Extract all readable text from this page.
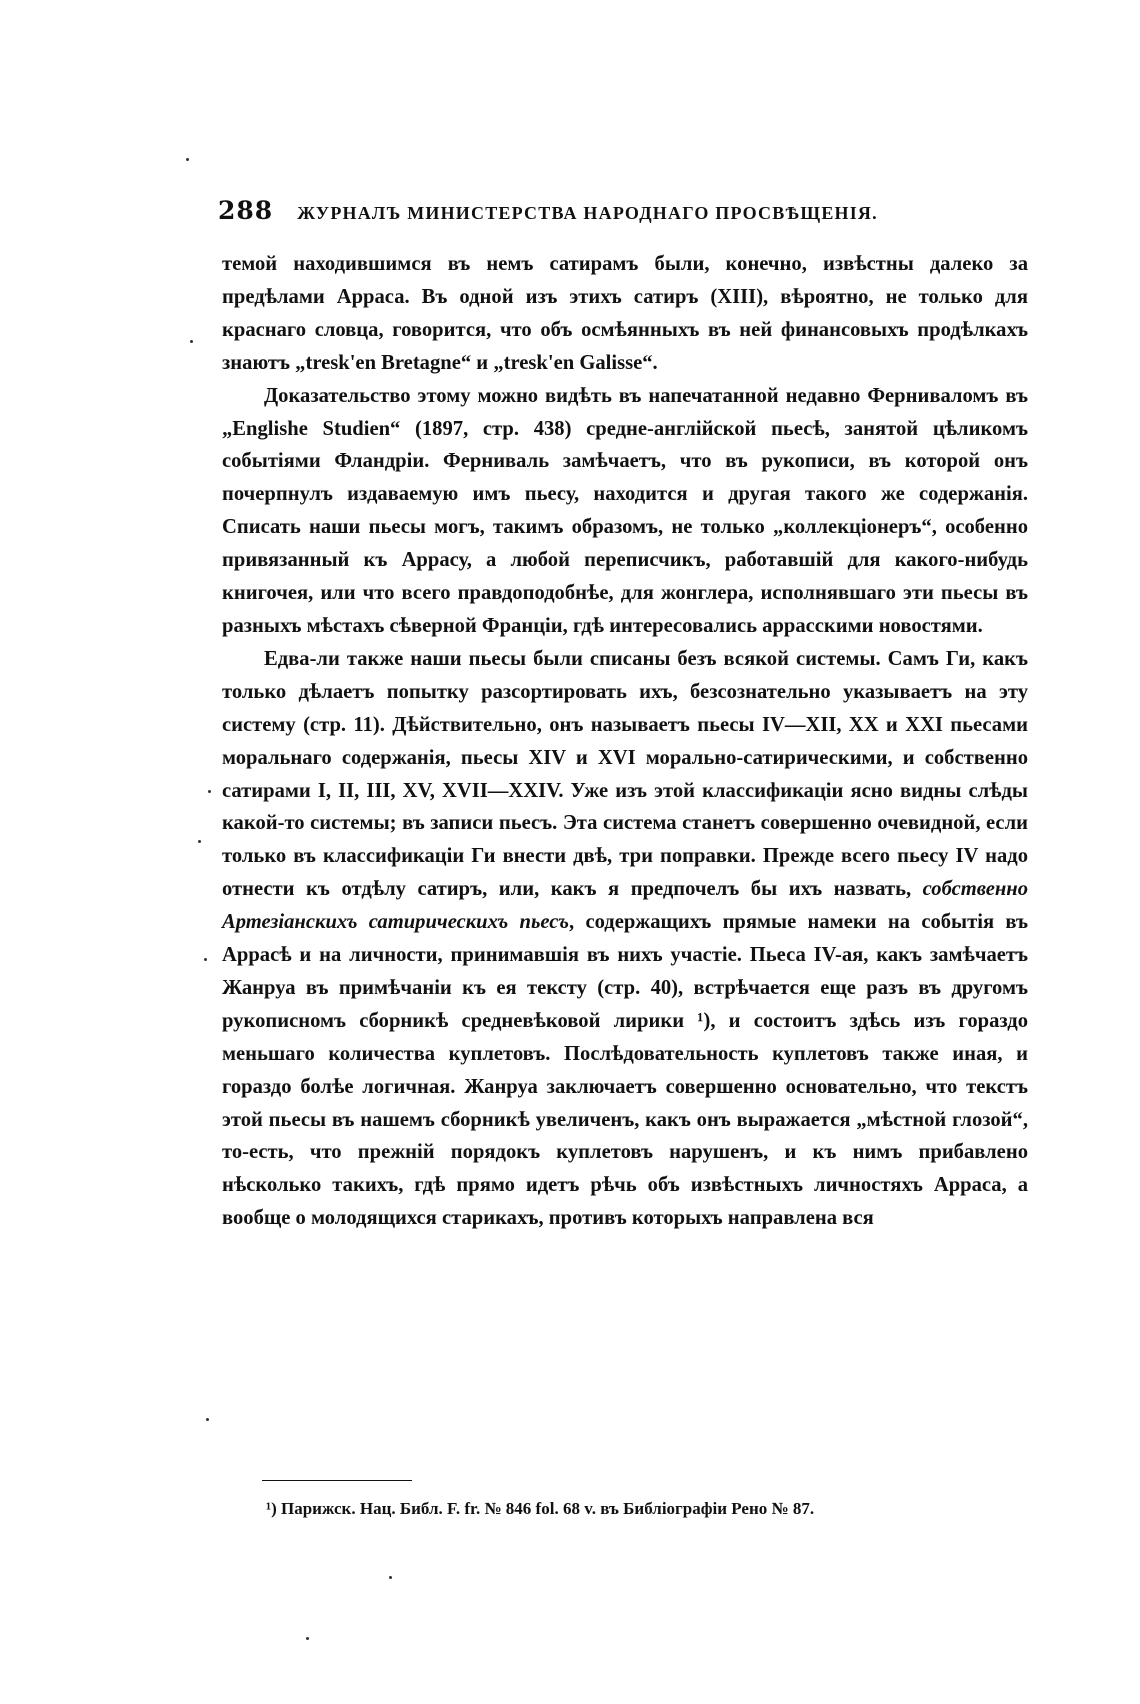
288 ЖУРНАЛЪ МИНИСТЕРСТВА НАРОДНАГО ПРОСВѢЩЕНІЯ.

темой находившимся въ немъ сатирамъ были, конечно, извѣстны далеко за предѣлами Арраса. Въ одной изъ этихъ сатиръ (XIII), вѣроятно, не только для краснаго словца, говорится, что объ осмѣянныхъ въ ней финансовыхъ продѣлкахъ знаютъ „tresk'en Bretagne“ и „tresk'en Galisse“.

Доказательство этому можно видѣть въ напечатанной недавно Ферниваломъ въ „Englishe Studien“ (1897, стр. 438) средне-англійской пьесѣ, занятой цѣликомъ событіями Фландріи. Ферниваль замѣчаетъ, что въ рукописи, въ которой онъ почерпнулъ издаваемую имъ пьесу, находится и другая такого же содержанія. Списать наши пьесы могъ, такимъ образомъ, не только „коллекціонеръ“, особенно привязанный къ Аррасу, а любой переписчикъ, работавшій для какого-нибудь книгочея, или что всего правдоподобнѣе, для жонглера, исполнявшаго эти пьесы въ разныхъ мѣстахъ сѣверной Франціи, гдѣ интересовались аррасскими новостями.

Едва-ли также наши пьесы были списаны безъ всякой системы. Самъ Ги, какъ только дѣлаетъ попытку разсортировать ихъ, безсознательно указываетъ на эту систему (стр. 11). Дѣйствительно, онъ называетъ пьесы IV—XII, XX и XXI пьесами моральнаго содержанія, пьесы XIV и XVI морально-сатирическими, и собственно сатирами I, II, III, XV, XVII—XXIV. Уже изъ этой классификаціи ясно видны слѣды какой-то системы; въ записи пьесъ. Эта система станетъ совершенно очевидной, если только въ классификаціи Ги внести двѣ, три поправки. Прежде всего пьесу IV надо отнести къ отдѣлу сатиръ, или, какъ я предпочелъ бы ихъ назвать, собственно Артезіанскихъ сатирическихъ пьесъ, содержащихъ прямые намеки на событія въ Аррасѣ и на личности, принимавшія въ нихъ участіе. Пьеса IV-ая, какъ замѣчаетъ Жанруа въ примѣчаніи къ ея тексту (стр. 40), встрѣчается еще разъ въ другомъ рукописномъ сборникѣ средневѣковой лирики ¹), и состоитъ здѣсь изъ гораздо меньшаго количества куплетовъ. Послѣдовательность куплетовъ также иная, и гораздо болѣе логичная. Жанруа заключаетъ совершенно основательно, что текстъ этой пьесы въ нашемъ сборникѣ увеличенъ, какъ онъ выражается „мѣстной глозой“, то-есть, что прежній порядокъ куплетовъ нарушенъ, и къ нимъ прибавлено нѣсколько такихъ, гдѣ прямо идетъ рѣчь объ извѣстныхъ личностяхъ Арраса, а вообще о молодящихся старикахъ, противъ которыхъ направлена вся

¹) Парижск. Нац. Библ. F. fr. № 846 fol. 68 v. въ Библіографіи Рено № 87.
